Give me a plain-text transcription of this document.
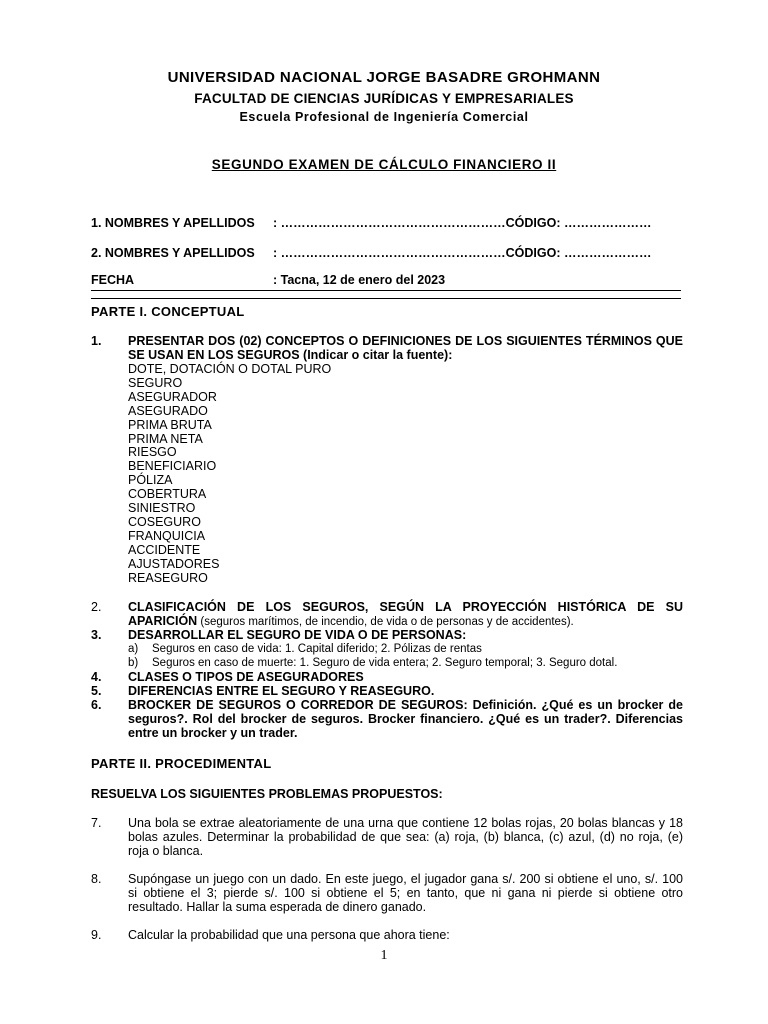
UNIVERSIDAD NACIONAL JORGE BASADRE GROHMANN
FACULTAD DE CIENCIAS JURÍDICAS Y EMPRESARIALES
Escuela Profesional de Ingeniería Comercial
SEGUNDO EXAMEN DE CÁLCULO FINANCIERO II
1. NOMBRES Y APELLIDOS : ………………………………………………CÓDIGO: …………………
2. NOMBRES Y APELLIDOS : ………………………………………………CÓDIGO: …………………
FECHA	: Tacna, 12 de enero del 2023
PARTE I. CONCEPTUAL
1.	PRESENTAR DOS (02) CONCEPTOS O DEFINICIONES DE LOS SIGUIENTES TÉRMINOS QUE SE USAN EN LOS SEGUROS (Indicar o citar la fuente):
DOTE, DOTACIÓN O DOTAL PURO
SEGURO
ASEGURADOR
ASEGURADO
PRIMA BRUTA
PRIMA NETA
RIESGO
BENEFICIARIO
PÓLIZA
COBERTURA
SINIESTRO
COSEGURO
FRANQUICIA
ACCIDENTE
AJUSTADORES
REASEGURO
2.	CLASIFICACIÓN DE LOS SEGUROS, SEGÚN LA PROYECCIÓN HISTÓRICA DE SU APARICIÓN (seguros marítimos, de incendio, de vida o de personas y de accidentes).
3.	DESARROLLAR EL SEGURO DE VIDA O DE PERSONAS:
a) Seguros en caso de vida: 1. Capital diferido; 2. Pólizas de rentas
b) Seguros en caso de muerte: 1. Seguro de vida entera; 2. Seguro temporal; 3. Seguro dotal.
4.	CLASES O TIPOS DE ASEGURADORES
5.	DIFERENCIAS ENTRE EL SEGURO Y REASEGURO.
6.	BROCKER DE SEGUROS O CORREDOR DE SEGUROS: Definición. ¿Qué es un brocker de seguros?. Rol del brocker de seguros. Brocker financiero. ¿Qué es un trader?. Diferencias entre un brocker y un trader.
PARTE II. PROCEDIMENTAL
RESUELVA LOS SIGUIENTES PROBLEMAS PROPUESTOS:
7.	Una bola se extrae aleatoriamente de una urna que contiene 12 bolas rojas, 20 bolas blancas y 18 bolas azules. Determinar la probabilidad de que sea: (a) roja, (b) blanca, (c) azul, (d) no roja, (e) roja o blanca.
8.	Supóngase un juego con un dado. En este juego, el jugador gana s/. 200 si obtiene el uno, s/. 100 si obtiene el 3; pierde s/. 100 si obtiene el 5; en tanto, que ni gana ni pierde si obtiene otro resultado. Hallar la suma esperada de dinero ganado.
9.	Calcular la probabilidad que una persona que ahora tiene:
1
